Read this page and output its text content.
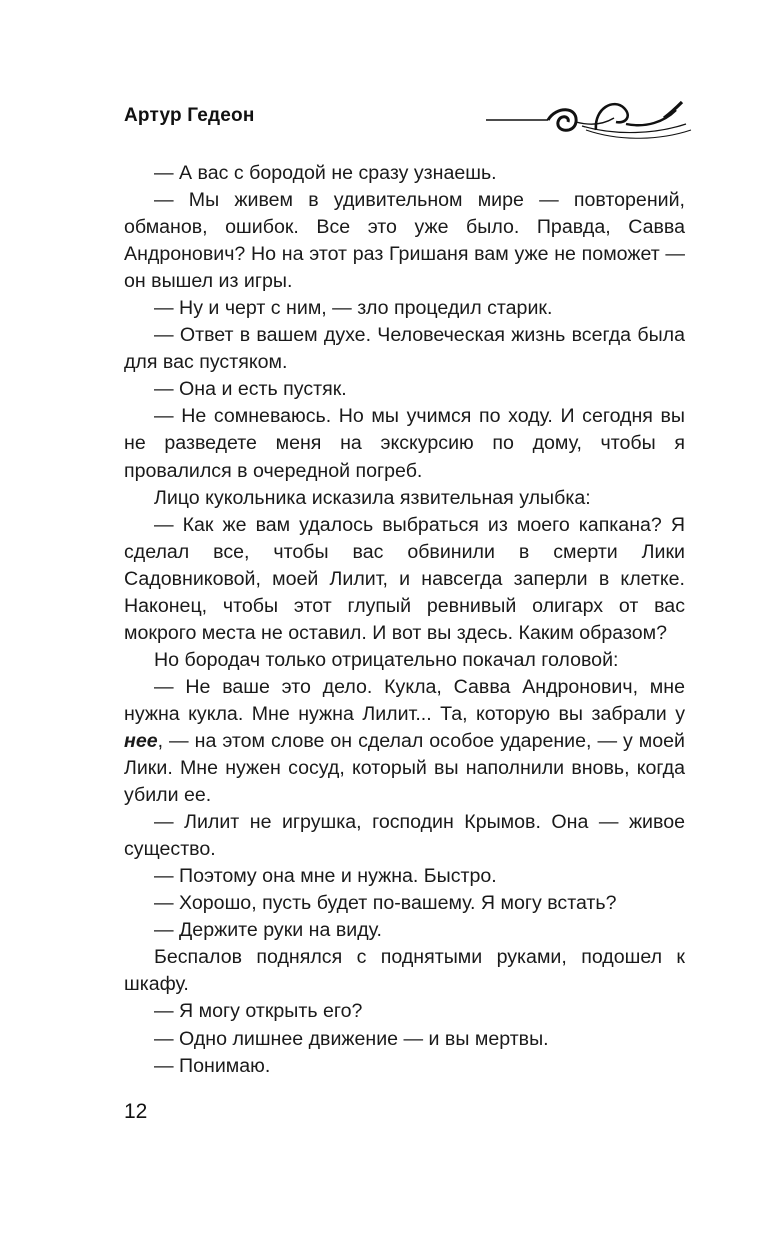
Артур Гедеон

— А вас с бородой не сразу узнаешь.

— Мы живем в удивительном мире — повторений, обманов, ошибок. Все это уже было. Правда, Савва Андронович? Но на этот раз Гришаня вам уже не поможет — он вышел из игры.

— Ну и черт с ним, — зло процедил старик.

— Ответ в вашем духе. Человеческая жизнь всегда была для вас пустяком.

— Она и есть пустяк.

— Не сомневаюсь. Но мы учимся по ходу. И сегодня вы не разведете меня на экскурсию по дому, чтобы я провалился в очередной погреб.

Лицо кукольника исказила язвительная улыбка:

— Как же вам удалось выбраться из моего капкана? Я сделал все, чтобы вас обвинили в смерти Лики Садовниковой, моей Лилит, и навсегда заперли в клетке. Наконец, чтобы этот глупый ревнивый олигарх от вас мокрого места не оставил. И вот вы здесь. Каким образом?

Но бородач только отрицательно покачал головой:

— Не ваше это дело. Кукла, Савва Андронович, мне нужна кукла. Мне нужна Лилит... Та, которую вы забрали у нее, — на этом слове он сделал особое ударение, — у моей Лики. Мне нужен сосуд, который вы наполнили вновь, когда убили ее.

— Лилит не игрушка, господин Крымов. Она — живое существо.

— Поэтому она мне и нужна. Быстро.

— Хорошо, пусть будет по-вашему. Я могу встать?

— Держите руки на виду.

Беспалов поднялся с поднятыми руками, подошел к шкафу.

— Я могу открыть его?

— Одно лишнее движение — и вы мертвы.

— Понимаю.

12
